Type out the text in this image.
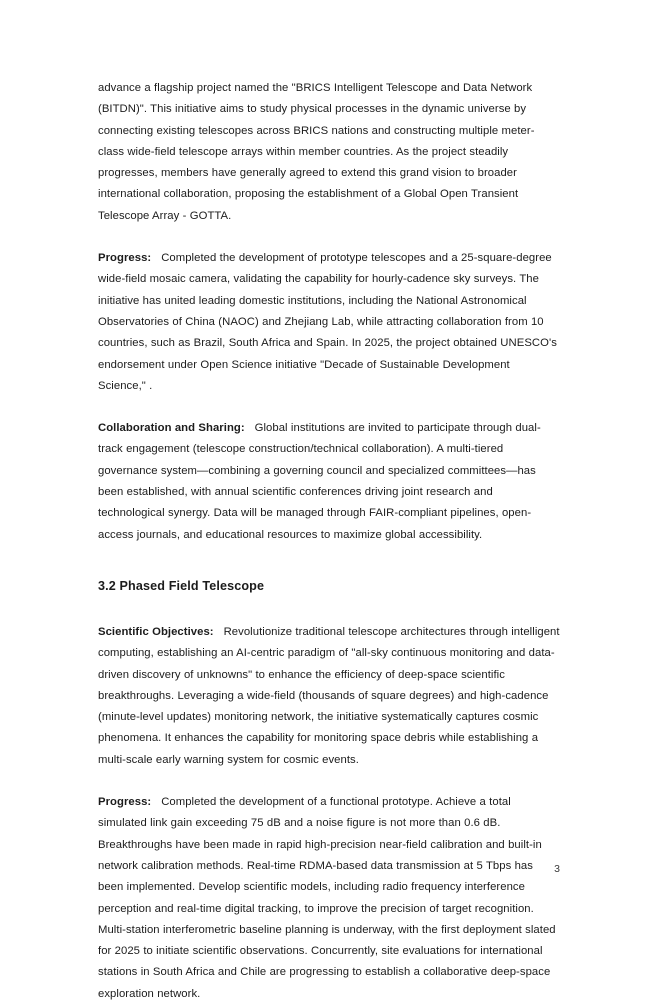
advance a flagship project named the "BRICS Intelligent Telescope and Data Network (BITDN)". This initiative aims to study physical processes in the dynamic universe by connecting existing telescopes across BRICS nations and constructing multiple meter-class wide-field telescope arrays within member countries. As the project steadily progresses, members have generally agreed to extend this grand vision to broader international collaboration, proposing the establishment of a Global Open Transient Telescope Array - GOTTA.

Progress: Completed the development of prototype telescopes and a 25-square-degree wide-field mosaic camera, validating the capability for hourly-cadence sky surveys. The initiative has united leading domestic institutions, including the National Astronomical Observatories of China (NAOC) and Zhejiang Lab, while attracting collaboration from 10 countries, such as Brazil, South Africa and Spain. In 2025, the project obtained UNESCO's endorsement under Open Science initiative "Decade of Sustainable Development Science," .

Collaboration and Sharing: Global institutions are invited to participate through dual-track engagement (telescope construction/technical collaboration). A multi-tiered governance system—combining a governing council and specialized committees—has been established, with annual scientific conferences driving joint research and technological synergy. Data will be managed through FAIR-compliant pipelines, open-access journals, and educational resources to maximize global accessibility.

3.2 Phased Field Telescope

Scientific Objectives: Revolutionize traditional telescope architectures through intelligent computing, establishing an AI-centric paradigm of "all-sky continuous monitoring and data-driven discovery of unknowns" to enhance the efficiency of deep-space scientific breakthroughs. Leveraging a wide-field (thousands of square degrees) and high-cadence (minute-level updates) monitoring network, the initiative systematically captures cosmic phenomena. It enhances the capability for monitoring space debris while establishing a multi-scale early warning system for cosmic events.

Progress: Completed the development of a functional prototype. Achieve a total simulated link gain exceeding 75 dB and a noise figure is not more than 0.6 dB. Breakthroughs have been made in rapid high-precision near-field calibration and built-in network calibration methods. Real-time RDMA-based data transmission at 5 Tbps has been implemented. Develop scientific models, including radio frequency interference perception and real-time digital tracking, to improve the precision of target recognition. Multi-station interferometric baseline planning is underway, with the first deployment slated for 2025 to initiate scientific observations. Concurrently, site evaluations for international stations in South Africa and Chile are progressing to establish a collaborative deep-space exploration network.

3
